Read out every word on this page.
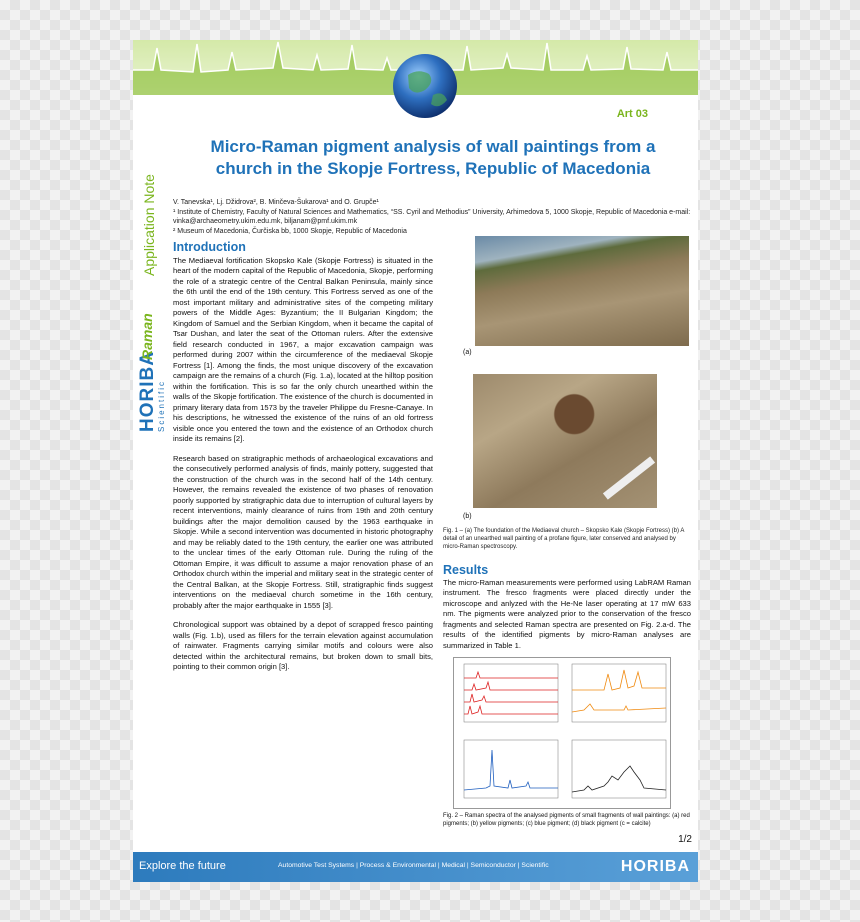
Art 03
HORIBA Scientific
Raman
Application Note
Micro-Raman pigment analysis of wall paintings from a
church in the Skopje Fortress, Republic of Macedonia
V. Tanevska¹, Lj. Džidrova², B. Minčeva-Šukarova¹ and O. Grupče¹
¹ Institute of Chemistry, Faculty of Natural Sciences and Mathematics, “SS. Cyril and Methodius” University, Arhimedova 5, 1000 Skopje, Republic of Macedonia e-mail: vinka@archaeometry.ukim.edu.mk, biljanam@pmf.ukim.mk
² Museum of Macedonia, Čurčiska bb, 1000 Skopje, Republic of Macedonia
Introduction

The Mediaeval fortification Skopsko Kale (Skopje Fortress) is situated in the heart of the modern capital of the Republic of Macedonia, Skopje, performing the role of a strategic centre of the Central Balkan Peninsula, mainly since the 6th until the end of the 19th century. This Fortress served as one of the most important military and administrative sites of the competing military powers of the Middle Ages: Byzantium; the II Bulgarian Kingdom; the Kingdom of Samuel and the Serbian Kingdom, when it became the capital of Tsar Dushan, and later the seat of the Ottoman rulers. After the extensive field research conducted in 1967, a major excavation campaign was performed during 2007 within the circumference of the mediaeval Skopje Fortress [1]. Among the finds, the most unique discovery of the excavation campaign are the remains of a church (Fig. 1.a), located at the hilltop position within the fortification. This is so far the only church unearthed within the walls of the Skopje fortification. The existence of the church is documented in primary literary data from 1573 by the traveler Philippe du Fresne-Canaye. In his descriptions, he witnessed the existence of the ruins of an old fortress visible once you entered the town and the existence of an Orthodox church inside its remains [2].

Research based on stratigraphic methods of archaeological excavations and the consecutively performed analysis of finds, mainly pottery, suggested that the construction of the church was in the second half of the 14th century. However, the remains revealed the existence of two phases of renovation poorly supported by stratigraphic data due to interruption of cultural layers by recent interventions, mainly clearance of ruins from 19th and 20th century buildings after the major demolition caused by the 1963 earthquake in Skopje. While a second intervention was documented in historic photography and may be reliably dated to the 19th century, the earlier one was attributed to the unclear times of the early Ottoman rule. During the ruling of the Ottoman Empire, it was difficult to assume a major renovation phase of an Orthodox church within the imperial and military seat in the strategic center of the Central Balkan, at the Skopje Fortress. Still, stratigraphic finds suggest interventions on the mediaeval church sometime in the 16th century, probably after the major earthquake in 1555 [3].

Chronological support was obtained by a depot of scrapped fresco painting walls (Fig. 1.b), used as fillers for the terrain elevation against accumulation of rainwater. Fragments carrying similar motifs and colours were also detected within the architectural remains, but broken down to small bits, pointing to their common origin [3].

(a)
(b)
Fig. 1 – (a) The foundation of the Mediaeval church – Skopsko Kale (Skopje Fortress) (b) A detail of an unearthed wall painting of a profane figure, later conserved and analysed by micro-Raman spectroscopy.
Results

The micro-Raman measurements were performed using LabRAM Raman instrument. The fresco fragments were placed directly under the microscope and anlyzed with the He-Ne laser operating at 17 mW 633 nm. The pigments were analyzed prior to the conservation of the fresco fragments and selected Raman spectra are presented on Fig. 2.a-d. The results of the identified pigments by micro-Raman analyses are summarized in Table 1.

Fig. 2 – Raman spectra of the analysed pigments of small fragments of wall paintings: (a) red pigments; (b) yellow pigments; (c) blue pigment; (d) black pigment (c = calcite)
1/2
Explore the future	Automotive Test Systems | Process & Environmental | Medical | Semiconductor | Scientific	HORIBA
